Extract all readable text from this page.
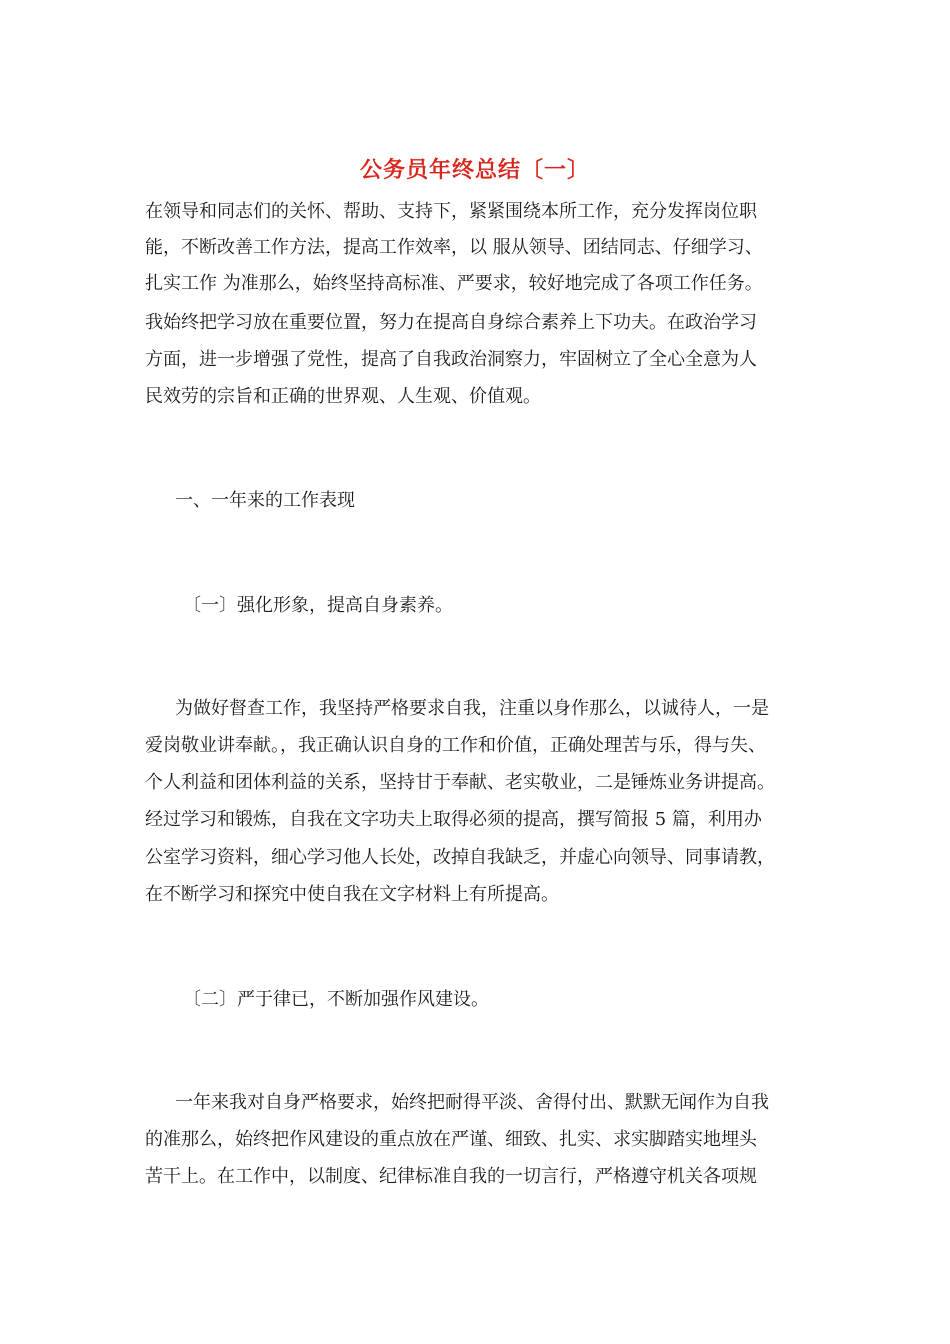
公务员年终总结〔一〕
在领导和同志们的关怀、帮助、支持下，紧紧围绕本所工作，充分发挥岗位职
能，不断改善工作方法，提高工作效率，以 服从领导、团结同志、仔细学习、
扎实工作 为准那么，始终坚持高标准、严要求，较好地完成了各项工作任务。
我始终把学习放在重要位置，努力在提高自身综合素养上下功夫。在政治学习
方面，进一步增强了党性，提高了自我政治洞察力，牢固树立了全心全意为人
民效劳的宗旨和正确的世界观、人生观、价值观。
一、一年来的工作表现
〔一〕强化形象，提高自身素养。
为做好督查工作，我坚持严格要求自我，注重以身作那么，以诚待人，一是
爱岗敬业讲奉献。，我正确认识自身的工作和价值，正确处理苦与乐，得与失、
个人利益和团体利益的关系，坚持甘于奉献、老实敬业，二是锤炼业务讲提高。
经过学习和锻炼，自我在文字功夫上取得必须的提高，撰写简报 5 篇，利用办
公室学习资料，细心学习他人长处，改掉自我缺乏，并虚心向领导、同事请教，
在不断学习和探究中使自我在文字材料上有所提高。
〔二〕严于律已，不断加强作风建设。
一年来我对自身严格要求，始终把耐得平淡、舍得付出、默默无闻作为自我
的准那么，始终把作风建设的重点放在严谨、细致、扎实、求实脚踏实地埋头
苦干上。在工作中，以制度、纪律标准自我的一切言行，严格遵守机关各项规
